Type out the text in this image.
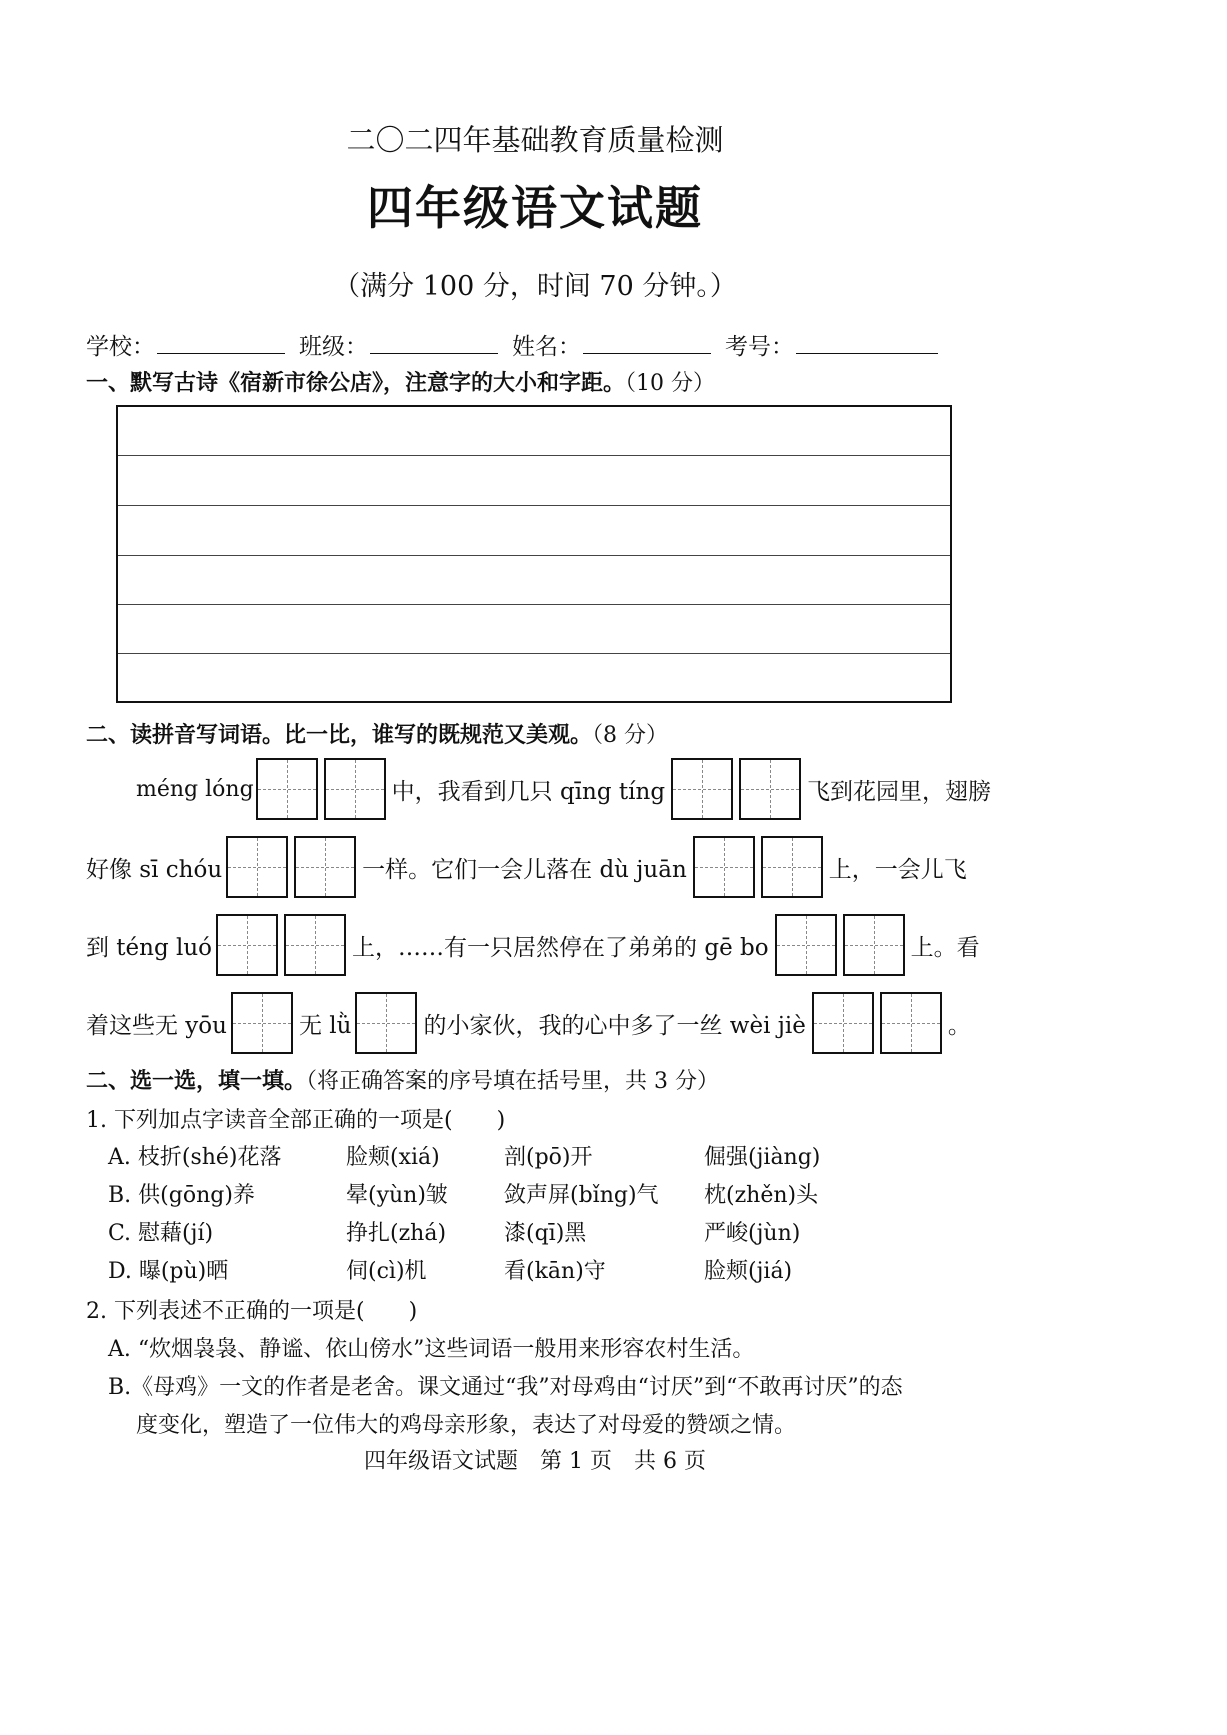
二〇二四年基础教育质量检测
四年级语文试题
（满分 100 分，时间 70 分钟。）
学校：	班级：	姓名：	考号：
一、默写古诗《宿新市徐公店》，注意字的大小和字距。（10 分）
二、读拼音写词语。比一比，谁写的既规范又美观。（8 分）
méng lóng	中，我看到几只 qīng tíng	飞到花园里，翅膀
好像 sī chóu	一样。它们一会儿落在 dù juān	上，一会儿飞
到 téng luó	上，……有一只居然停在了弟弟的 gē bo	上。看
着这些无 yōu	无 lǜ	的小家伙，我的心中多了一丝 wèi jiè	。
二、选一选，填一填。（将正确答案的序号填在括号里，共 3 分）
1. 下列加点字读音全部正确的一项是(　　)
A. 枝折(shé)花落	脸颊(xiá)	剖(pō)开	倔强(jiàng)
B. 供(gōng)养	晕(yùn)皱	敛声屏(bǐng)气 枕(zhěn)头
C. 慰藉(jí)	挣扎(zhá)	漆(qī)黑	严峻(jùn)
D. 曝(pù)晒	伺(cì)机	看(kān)守	脸颊(jiá)
2. 下列表述不正确的一项是(　　)
A. “炊烟袅袅、静谧、依山傍水”这些词语一般用来形容农村生活。
B.《母鸡》一文的作者是老舍。课文通过“我”对母鸡由“讨厌”到“不敢再讨厌”的态
度变化，塑造了一位伟大的鸡母亲形象，表达了对母爱的赞颂之情。
四年级语文试题　第 1 页　共 6 页
